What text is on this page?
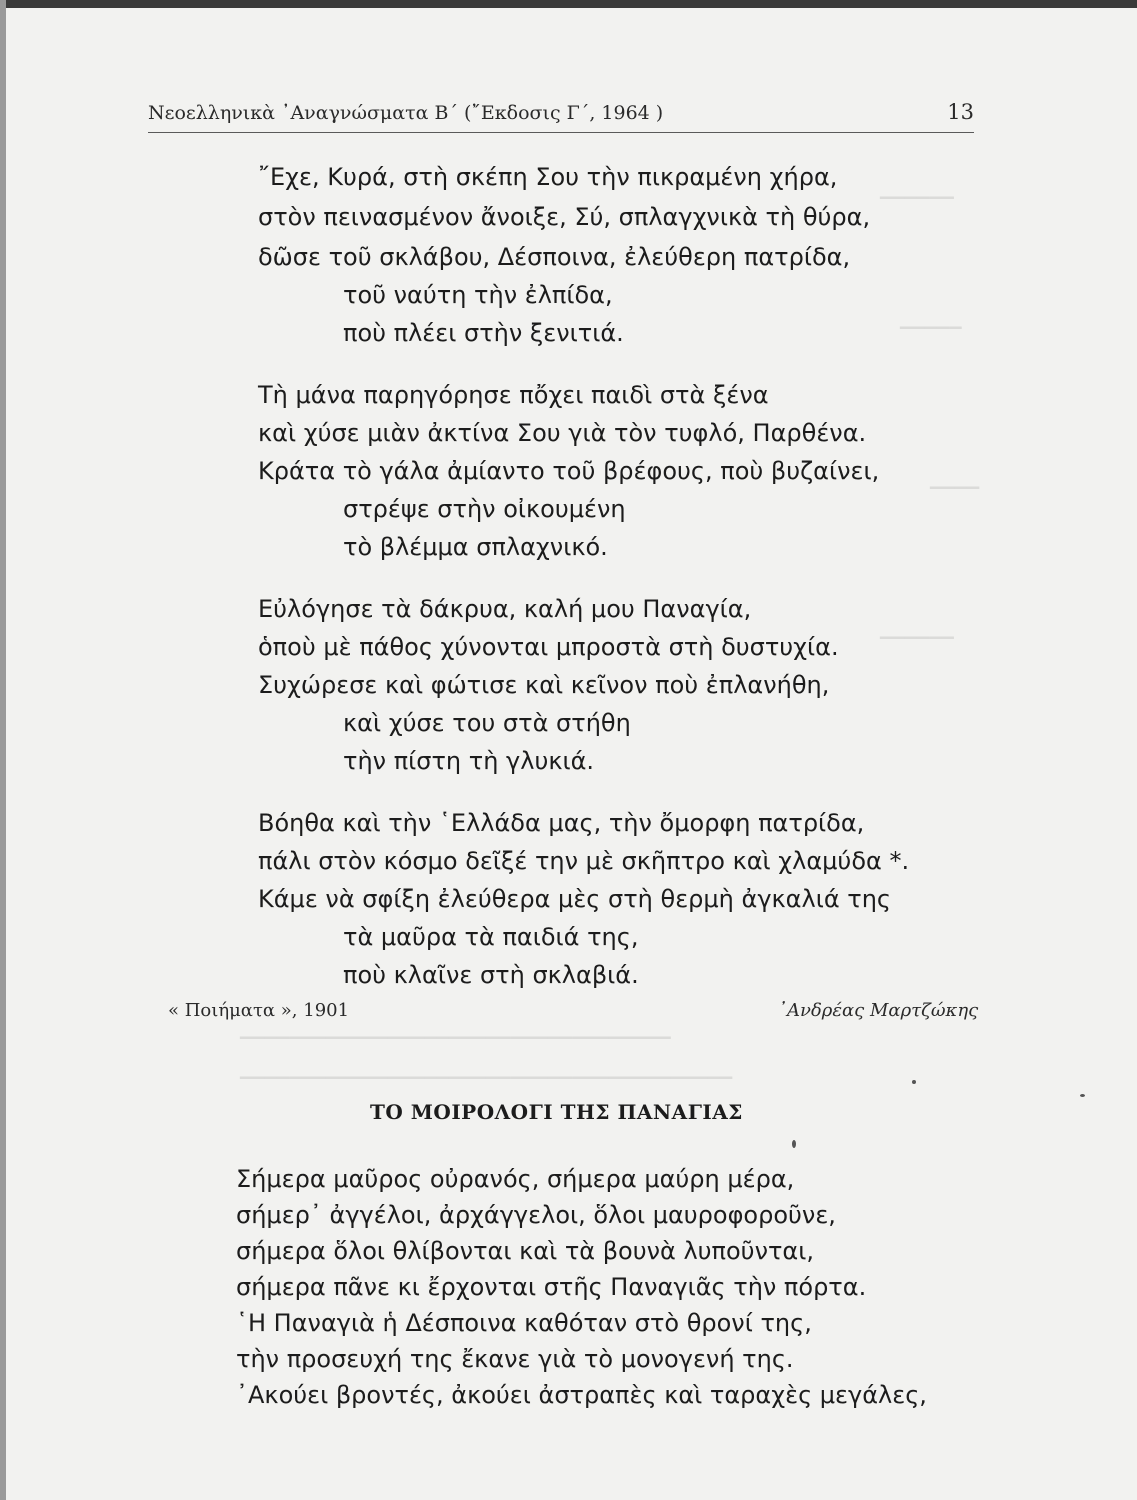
▁▁▁▁▁▁
▁▁▁▁▁
▁▁▁▁
▁▁▁▁▁▁
▁▁▁▁▁▁▁▁▁▁▁▁▁▁▁▁▁▁▁▁▁▁▁▁▁▁▁▁▁▁▁▁▁▁▁
▁▁▁▁▁▁▁▁▁▁▁▁▁▁▁▁▁▁▁▁▁▁▁▁▁▁▁▁▁▁▁▁▁▁▁▁▁▁▁▁
Νεοελληνικὰ ᾿Αναγνώσματα Β΄ (῎Εκδοσις Γ΄, 1964 )	13
῎Εχε, Κυρά, στὴ σκέπη Σου τὴν πικραμένη χήρα,
στὸν πεινασμένον ἄνοιξε, Σύ, σπλαγχνικὰ τὴ θύρα,
δῶσε τοῦ σκλάβου, Δέσποινα, ἐλεύθερη πατρίδα,
τοῦ ναύτη τὴν ἐλπίδα,
ποὺ πλέει στὴν ξενιτιά.
Τὴ μάνα παρηγόρησε πὄχει παιδὶ στὰ ξένα
καὶ χύσε μιὰν ἀκτίνα Σου γιὰ τὸν τυφλό, Παρθένα.
Κράτα τὸ γάλα ἀμίαντο τοῦ βρέφους, ποὺ βυζαίνει,
στρέψε στὴν οἰκουμένη
τὸ βλέμμα σπλαχνικό.
Εὐλόγησε τὰ δάκρυα, καλή μου Παναγία,
ὁποὺ μὲ πάθος χύνονται μπροστὰ στὴ δυστυχία.
Συχώρεσε καὶ φώτισε καὶ κεῖνον ποὺ ἐπλανήθη,
καὶ χύσε του στὰ στήθη
τὴν πίστη τὴ γλυκιά.
Βόηθα καὶ τὴν ῾Ελλάδα μας, τὴν ὄμορφη πατρίδα,
πάλι στὸν κόσμο δεῖξέ την μὲ σκῆπτρο καὶ χλαμύδα *.
Κάμε νὰ σφίξη ἐλεύθερα μὲς στὴ θερμὴ ἀγκαλιά της
τὰ μαῦρα τὰ παιδιά της,
ποὺ κλαῖνε στὴ σκλαβιά.
« Ποιήματα », 1901	᾿Ανδρέας Μαρτζώκης
ΤΟ ΜΟΙΡΟΛΟΓΙ ΤΗΣ ΠΑΝΑΓΙΑΣ
Σήμερα μαῦρος οὐρανός, σήμερα μαύρη μέρα,
σήμερ᾿ ἀγγέλοι, ἀρχάγγελοι, ὅλοι μαυροφοροῦνε,
σήμερα ὅλοι θλίβονται καὶ τὰ βουνὰ λυποῦνται,
σήμερα πᾶνε κι ἔρχονται στῆς Παναγιᾶς τὴν πόρτα.
῾Η Παναγιὰ ἡ Δέσποινα καθόταν στὸ θρονί της,
τὴν προσευχή της ἔκανε γιὰ τὸ μονογενή της.
᾿Ακούει βροντές, ἀκούει ἀστραπὲς καὶ ταραχὲς μεγάλες,
